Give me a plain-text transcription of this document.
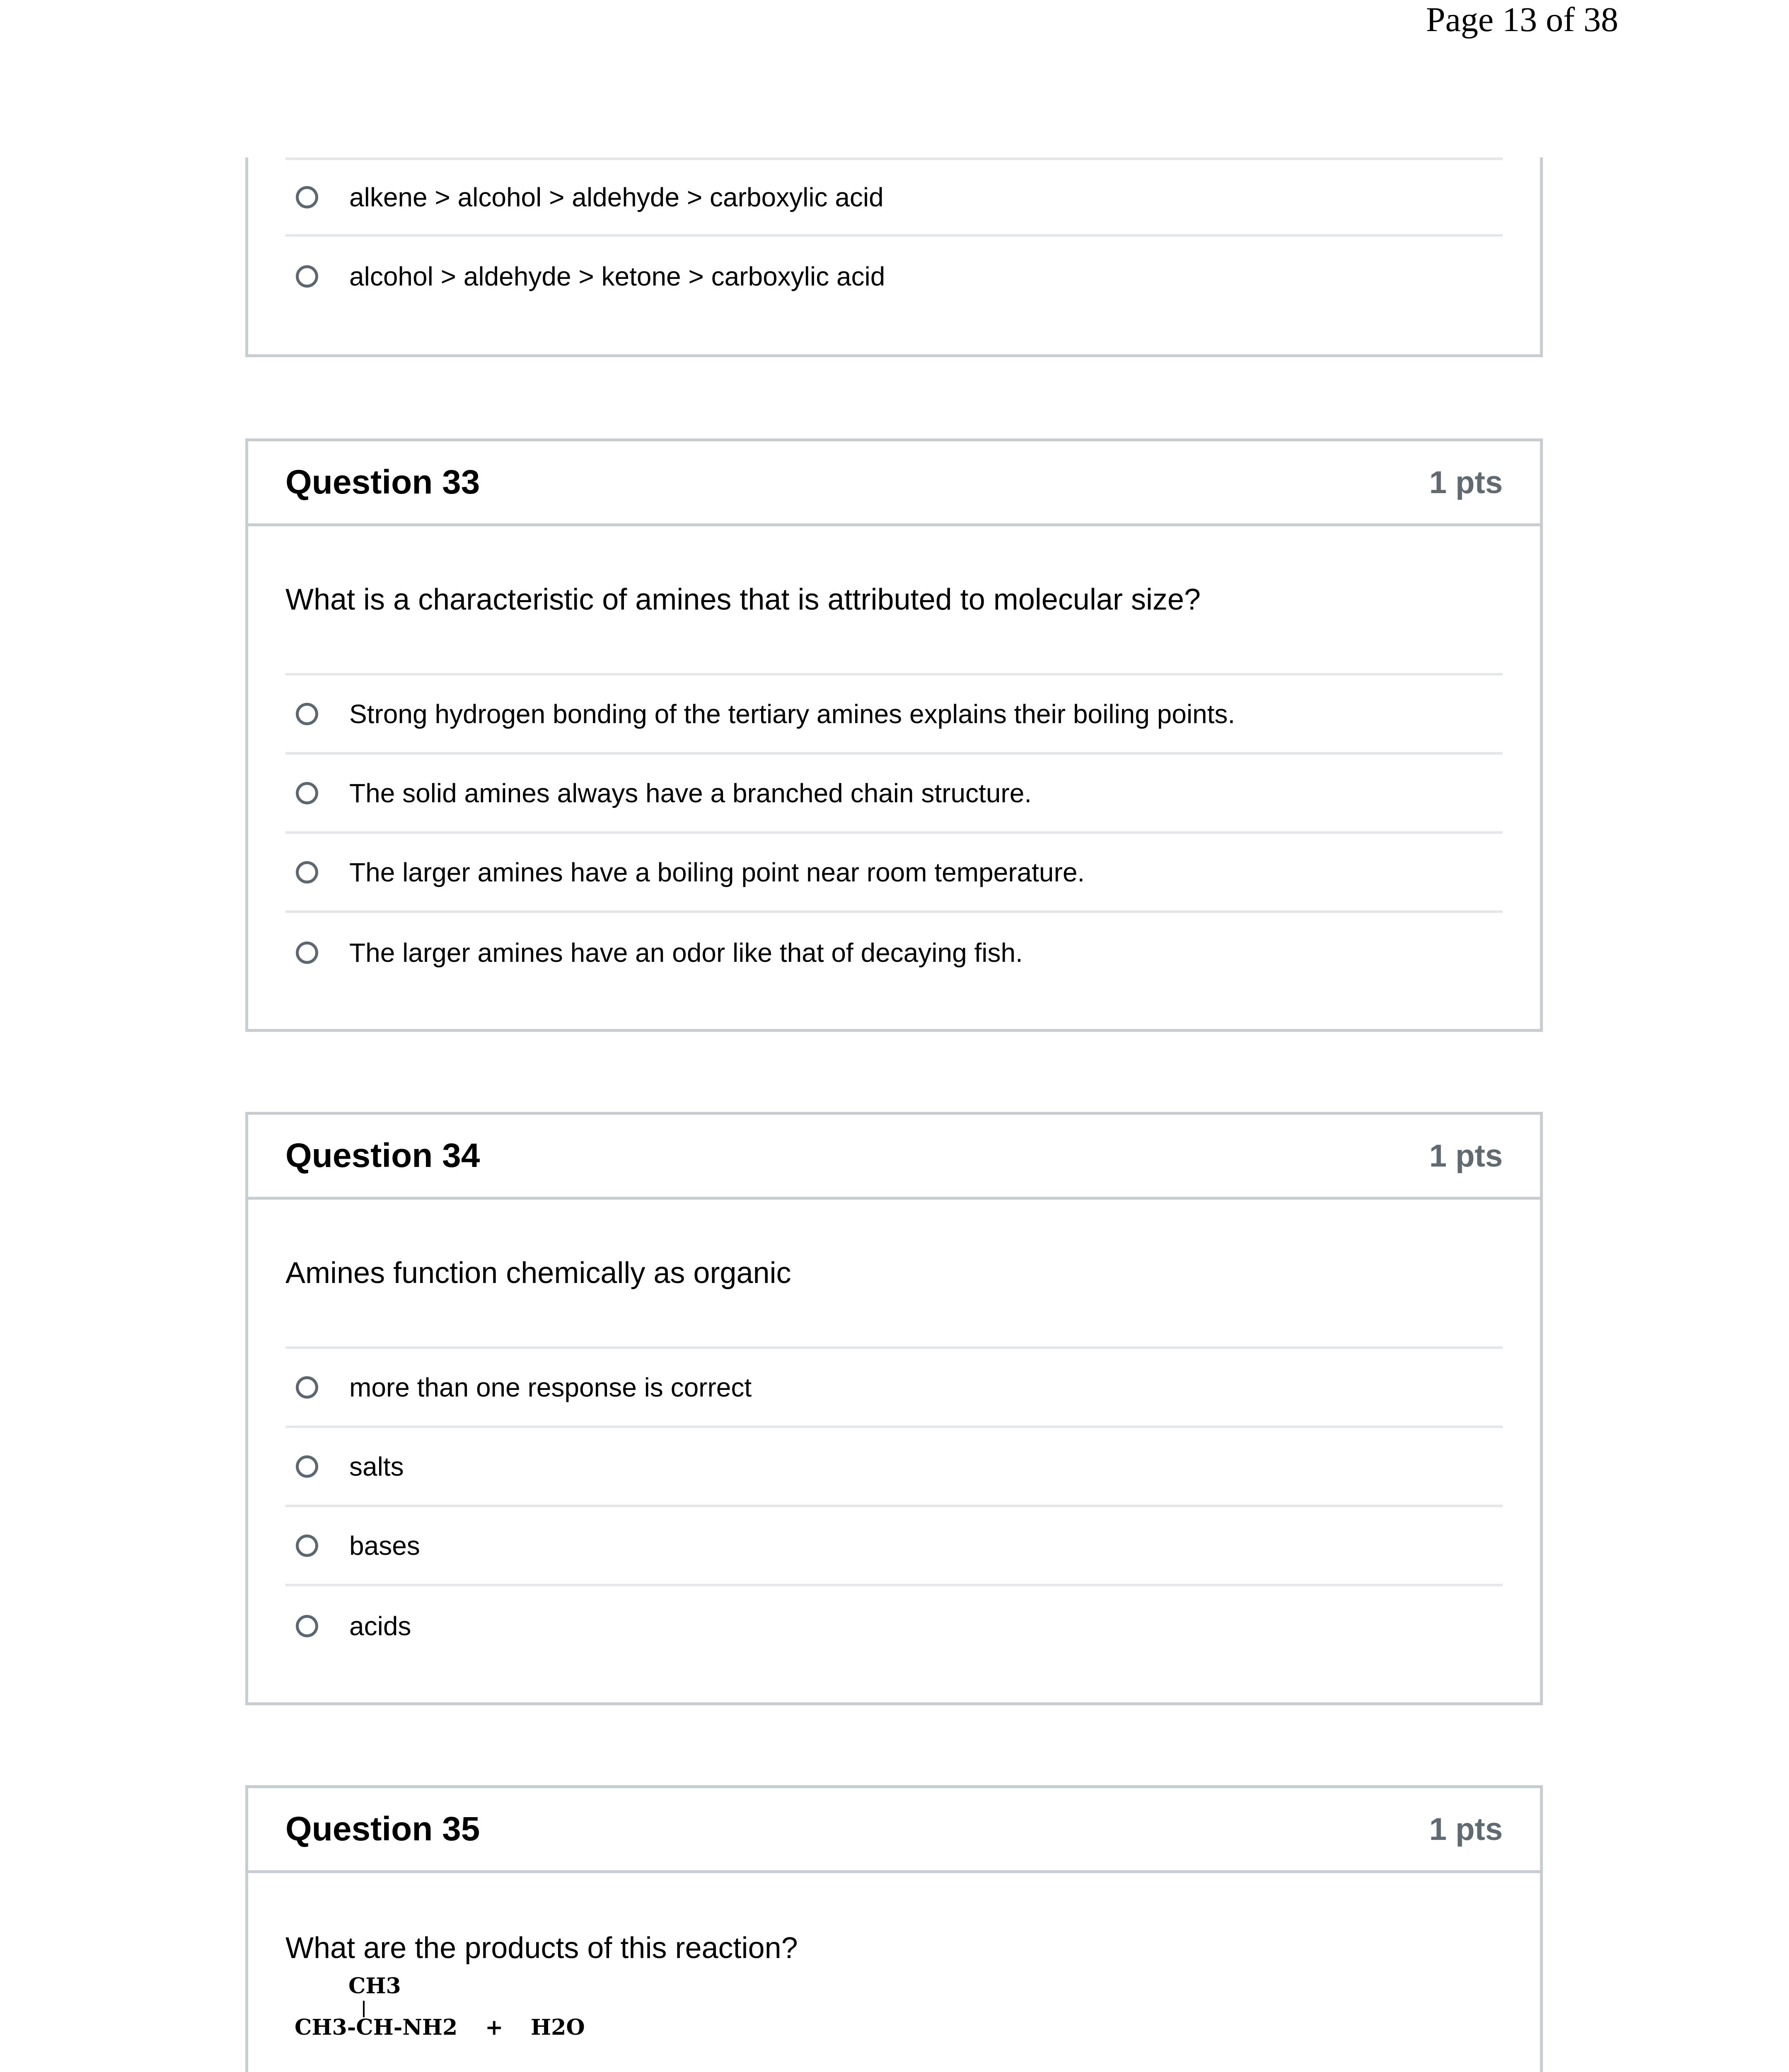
Page 13 of 38
alkene > alcohol > aldehyde > carboxylic acid
alcohol > aldehyde > ketone > carboxylic acid
Question 33	1 pts
What is a characteristic of amines that is attributed to molecular size?
Strong hydrogen bonding of the tertiary amines explains their boiling points.
The solid amines always have a branched chain structure.
The larger amines have a boiling point near room temperature.
The larger amines have an odor like that of decaying fish.
Question 34	1 pts
Amines function chemically as organic
more than one response is correct
salts
bases
acids
Question 35	1 pts
What are the products of this reaction?
CH3
CH3-CH-NH2 + H2O
